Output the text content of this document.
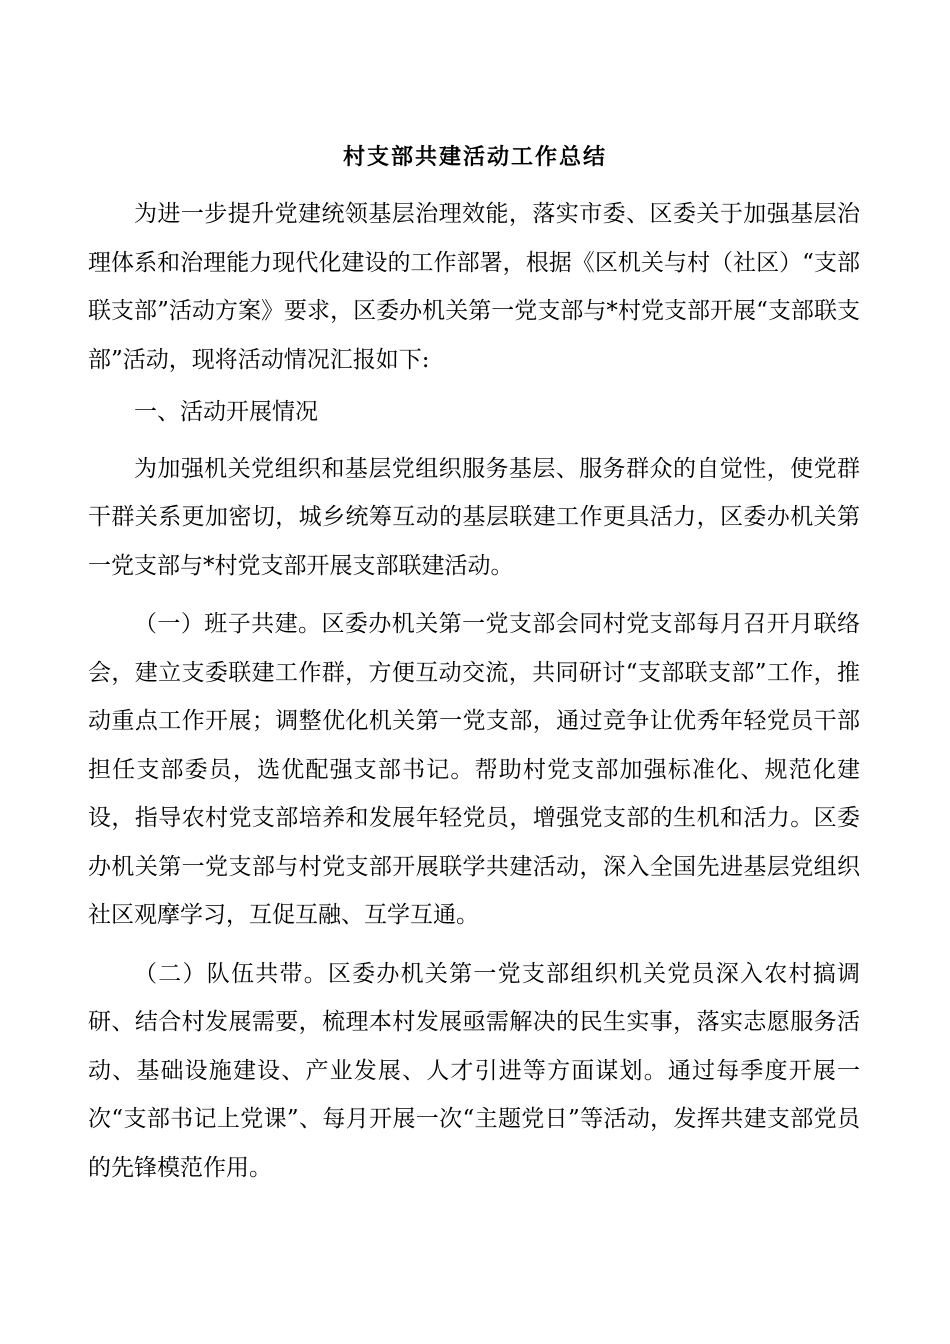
村支部共建活动工作总结

为进一步提升党建统领基层治理效能，落实市委、区委关于加强基层治理体系和治理能力现代化建设的工作部署，根据《区机关与村（社区）“支部联支部”活动方案》要求，区委办机关第一党支部与*村党支部开展“支部联支部”活动，现将活动情况汇报如下:

一、活动开展情况

为加强机关党组织和基层党组织服务基层、服务群众的自觉性，使党群干群关系更加密切，城乡统筹互动的基层联建工作更具活力，区委办机关第一党支部与*村党支部开展支部联建活动。

（一）班子共建。区委办机关第一党支部会同村党支部每月召开月联络会，建立支委联建工作群，方便互动交流，共同研讨“支部联支部”工作，推动重点工作开展；调整优化机关第一党支部，通过竞争让优秀年轻党员干部担任支部委员，选优配强支部书记。帮助村党支部加强标准化、规范化建设，指导农村党支部培养和发展年轻党员，增强党支部的生机和活力。区委办机关第一党支部与村党支部开展联学共建活动，深入全国先进基层党组织社区观摩学习，互促互融、互学互通。

（二）队伍共带。区委办机关第一党支部组织机关党员深入农村搞调研、结合村发展需要，梳理本村发展亟需解决的民生实事，落实志愿服务活动、基础设施建设、产业发展、人才引进等方面谋划。通过每季度开展一次“支部书记上党课”、每月开展一次“主题党日”等活动，发挥共建支部党员的先锋模范作用。
